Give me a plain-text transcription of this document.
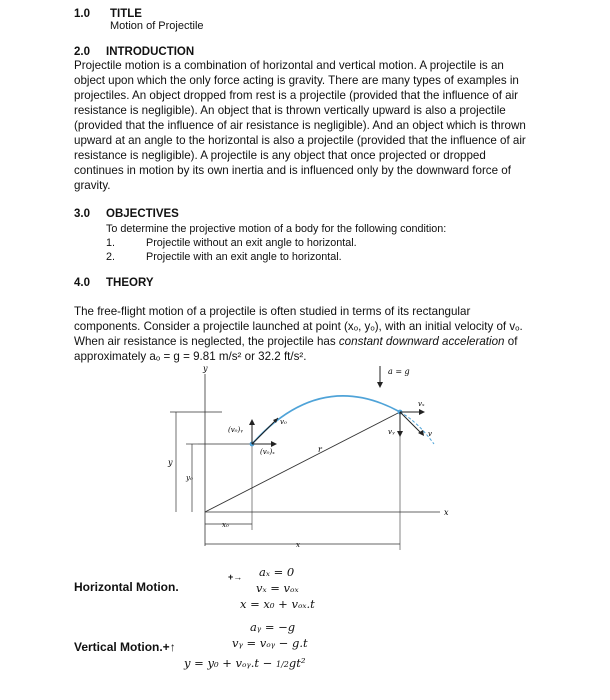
1.0 TITLE
Motion of Projectile
2.0 INTRODUCTION
Projectile motion is a combination of horizontal and vertical motion. A projectile is an
object upon which the only force acting is gravity. There are many types of examples in
projectiles. An object dropped from rest is a projectile (provided that the influence of air
resistance is negligible). An object that is thrown vertically upward is also a projectile
(provided that the influence of air resistance is negligible). And an object which is thrown
upward at an angle to the horizontal is also a projectile (provided that the influence of air
resistance is negligible). A projectile is any object that once projected or dropped
continues in motion by its own inertia and is influenced only by the downward force of
gravity.
3.0 OBJECTIVES
To determine the projective motion of a body for the following condition:
1.	Projectile without an exit angle to horizontal.
2.	Projectile with an exit angle to horizontal.
4.0 THEORY
The free-flight motion of a projectile is often studied in terms of its rectangular
components. Consider a projectile launched at point (xₒ, yₒ), with an initial velocity of vₒ.
When air resistance is neglected, the projectile has constant downward acceleration of
approximately aₒ = g = 9.81 m/s² or 32.2 ft/s².
a = g
y
x
y
y₀
x₀
x
r
v₀
(v₀)ᵧ
(v₀)ₓ
vₓ
vᵧ	v
Horizontal Motion.
+→ aₓ = 0
vₓ = vₒₓ
x = x₀ + vₒₓ.t
Vertical Motion.+↑
aᵧ = −g
vᵧ = vₒᵧ − g.t
y = y₀ + vₒᵧ.t − 1/2gt²
